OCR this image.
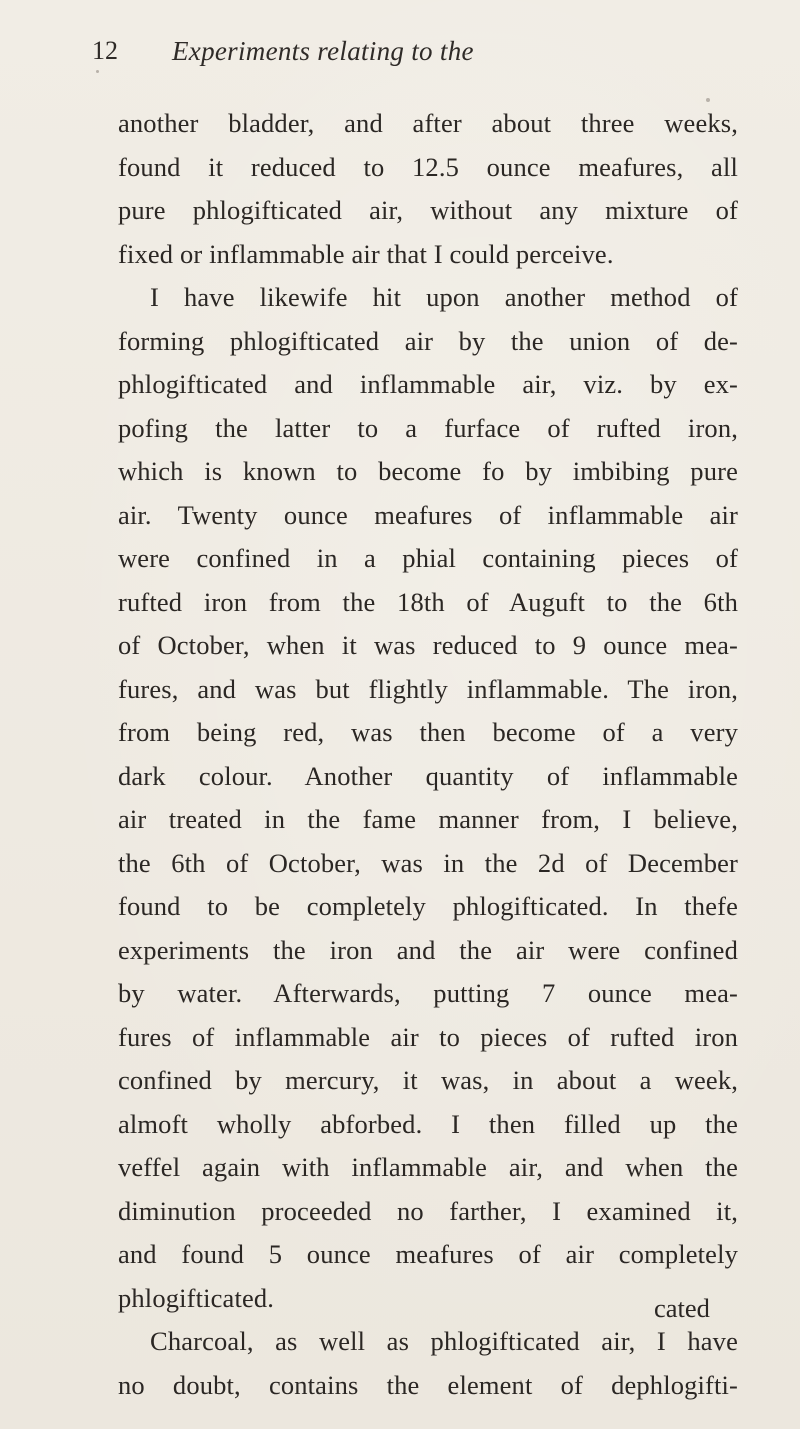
12 Experiments relating to the
another bladder, and after about three weeks,
found it reduced to 12.5 ounce meafures, all
pure phlogifticated air, without any mixture of
fixed or inflammable air that I could perceive.
I have likewife hit upon another method of
forming phlogifticated air by the union of de-
phlogifticated and inflammable air, viz. by ex-
pofing the latter to a furface of rufted iron,
which is known to become fo by imbibing pure
air. Twenty ounce meafures of inflammable air
were confined in a phial containing pieces of
rufted iron from the 18th of Auguft to the 6th
of October, when it was reduced to 9 ounce mea-
fures, and was but flightly inflammable. The iron,
from being red, was then become of a very
dark colour. Another quantity of inflammable
air treated in the fame manner from, I believe,
the 6th of October, was in the 2d of December
found to be completely phlogifticated. In thefe
experiments the iron and the air were confined
by water. Afterwards, putting 7 ounce mea-
fures of inflammable air to pieces of rufted iron
confined by mercury, it was, in about a week,
almoft wholly abforbed. I then filled up the
veffel again with inflammable air, and when the
diminution proceeded no farther, I examined it,
and found 5 ounce meafures of air completely
phlogifticated.
Charcoal, as well as phlogifticated air, I have
no doubt, contains the element of dephlogifti-
cated
